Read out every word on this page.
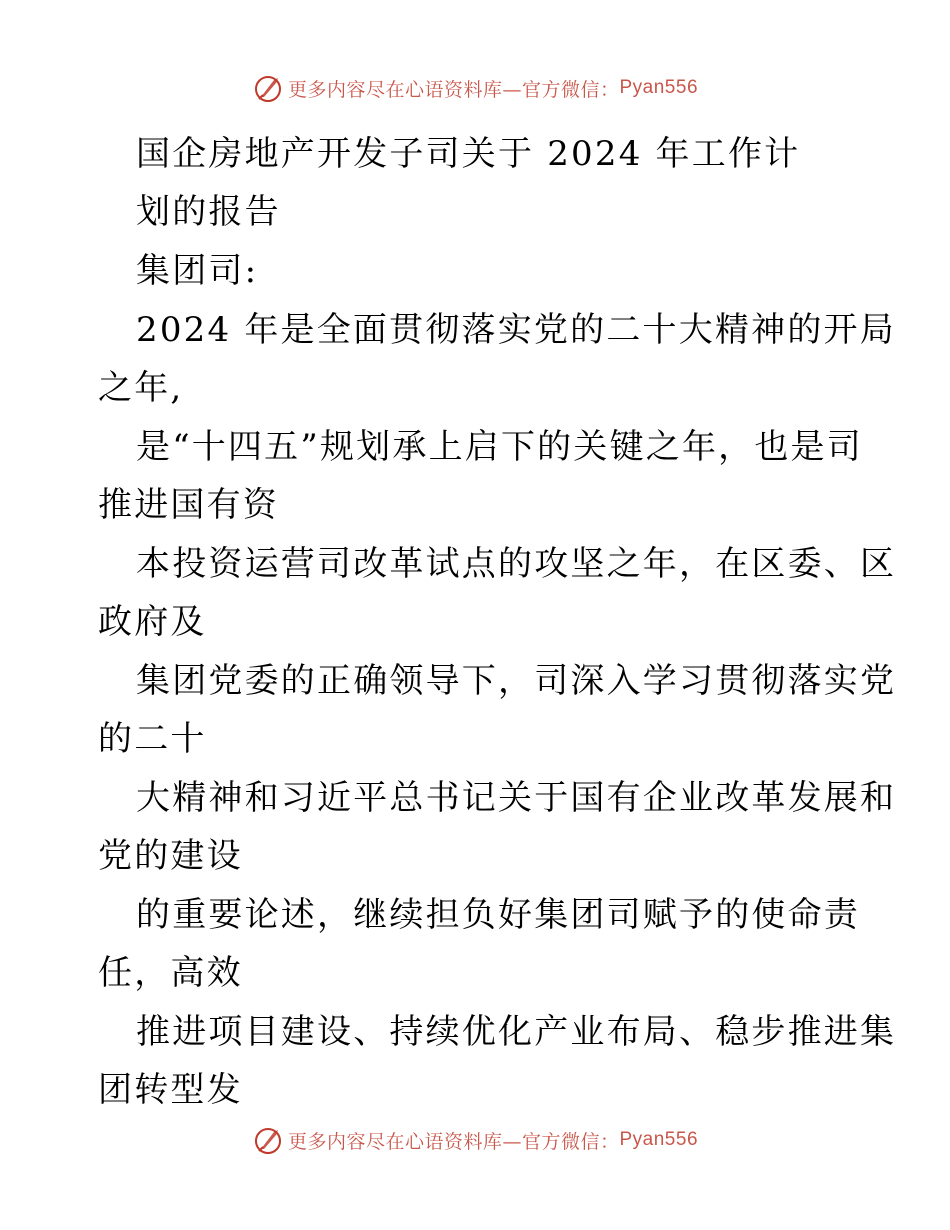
更多内容尽在心语资料库—官方微信： Pyan556
国企房地产开发子司关于 2024 年工作计
划的报告
集团司:
2024 年是全面贯彻落实党的二十大精神的开局
之年,
是“十四五”规划承上启下的关键之年，也是司
推进国有资
本投资运营司改革试点的攻坚之年，在区委、区
政府及
集团党委的正确领导下，司深入学习贯彻落实党
的二十
大精神和习近平总书记关于国有企业改革发展和
党的建设
的重要论述，继续担负好集团司赋予的使命责
任，高效
推进项目建设、持续优化产业布局、稳步推进集
团转型发
更多内容尽在心语资料库—官方微信： Pyan556
